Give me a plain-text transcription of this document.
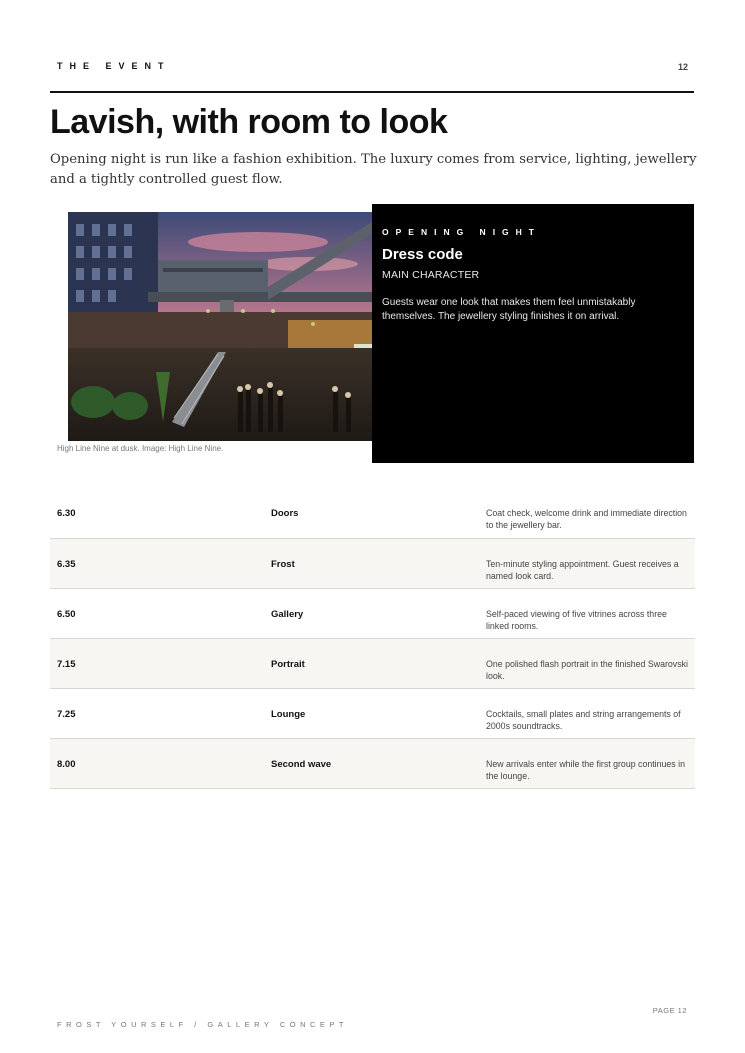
THE EVENT	12
Lavish, with room to look

Opening night is run like a fashion exhibition. The luxury comes from service, lighting, jewellery and a tightly controlled guest flow.

High Line Nine at dusk. Image: High Line Nine.
OPENING NIGHT
Dress code
MAIN CHARACTER
Guests wear one look that makes them feel unmistakably themselves. The jewellery styling finishes it on arrival.
6.30	Doors	Coat check, welcome drink and immediate direction to the jewellery bar.
6.35	Frost	Ten-minute styling appointment. Guest receives a named look card.
6.50	Gallery	Self-paced viewing of five vitrines across three linked rooms.
7.15	Portrait	One polished flash portrait in the finished Swarovski look.
7.25	Lounge	Cocktails, small plates and string arrangements of 2000s soundtracks.
8.00	Second wave	New arrivals enter while the first group continues in the lounge.
PAGE 12
FROST YOURSELF / GALLERY CONCEPT
